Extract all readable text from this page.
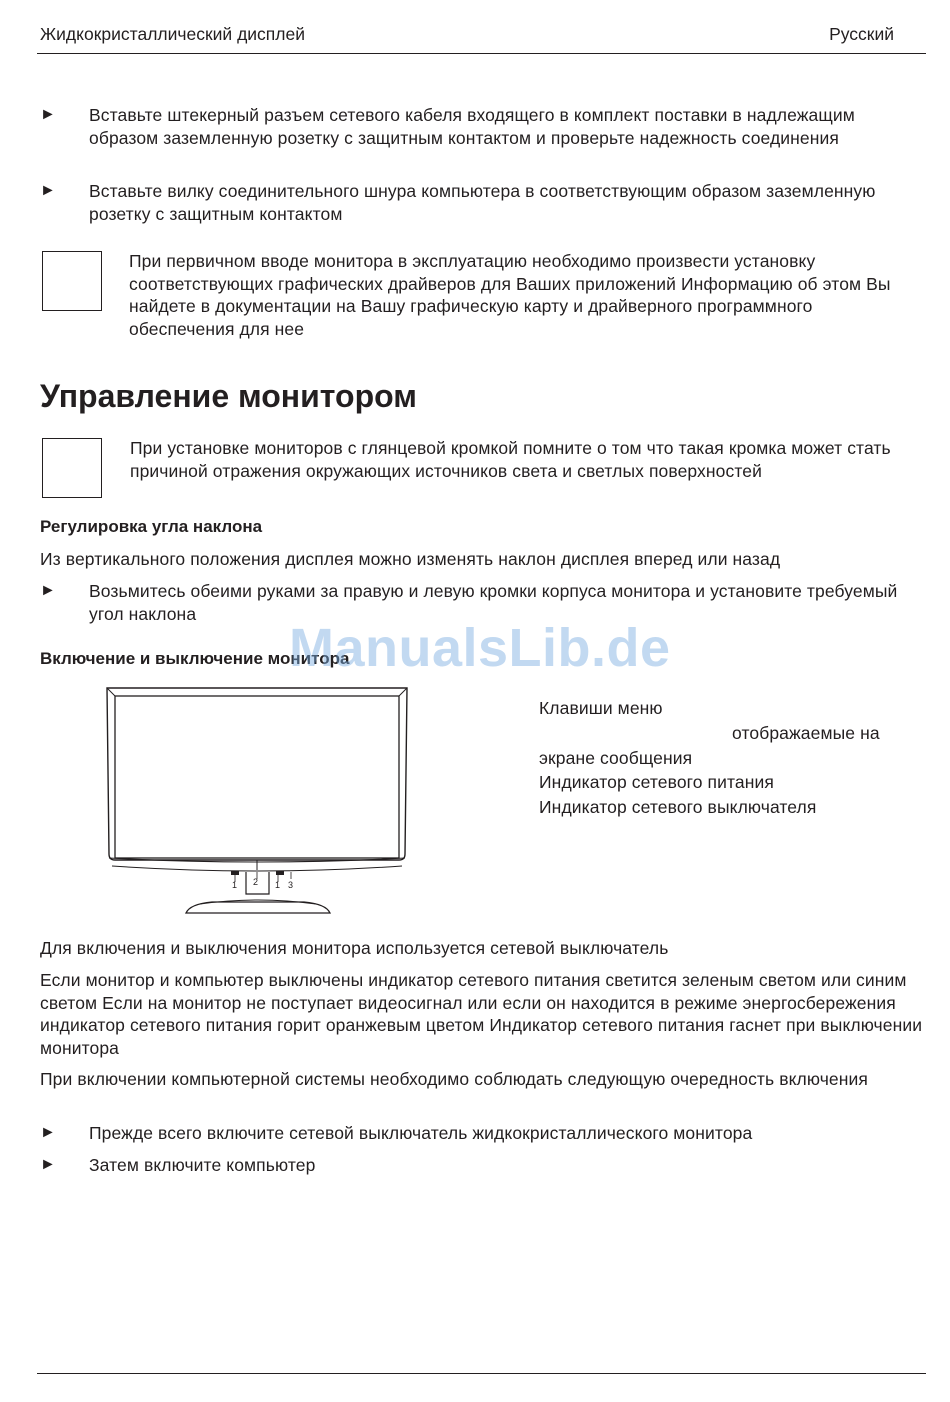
Жидкокристаллический дисплей	Русский
► Вставьте штекерный разъем сетевого кабеля входящего в комплект поставки в надлежащим образом заземленную розетку с защитным контактом и проверьте надежность соединения
► Вставьте вилку соединительного шнура компьютера в соответствующим образом заземленную розетку с защитным контактом
При первичном вводе монитора в эксплуатацию необходимо произвести установку соответствующих графических драйверов для Ваших приложений Информацию об этом Вы найдете в документации на Вашу графическую карту и драйверного программного обеспечения для нее
Управление монитором
При установке мониторов с глянцевой кромкой помните о том что такая кромка может стать причиной отражения окружающих источников света и светлых поверхностей
Регулировка угла наклона
Из вертикального положения дисплея можно изменять наклон дисплея вперед или назад
► Возьмитесь обеими руками за правую и левую кромки корпуса монитора и установите требуемый угол наклона
Включение и выключение монитора
1 2 1 3
ManualsLib.de
Клавиши меню
отображаемые на
экране сообщения
Индикатор сетевого питания
Индикатор сетевого выключателя
Для включения и выключения монитора используется сетевой выключатель
Если монитор и компьютер выключены индикатор сетевого питания светится зеленым светом или синим светом Если на монитор не поступает видеосигнал или если он находится в режиме энергосбережения индикатор сетевого питания горит оранжевым цветом Индикатор сетевого питания гаснет при выключении монитора
При включении компьютерной системы необходимо соблюдать следующую очередность включения
► Прежде всего включите сетевой выключатель жидкокристаллического монитора
► Затем включите компьютер
